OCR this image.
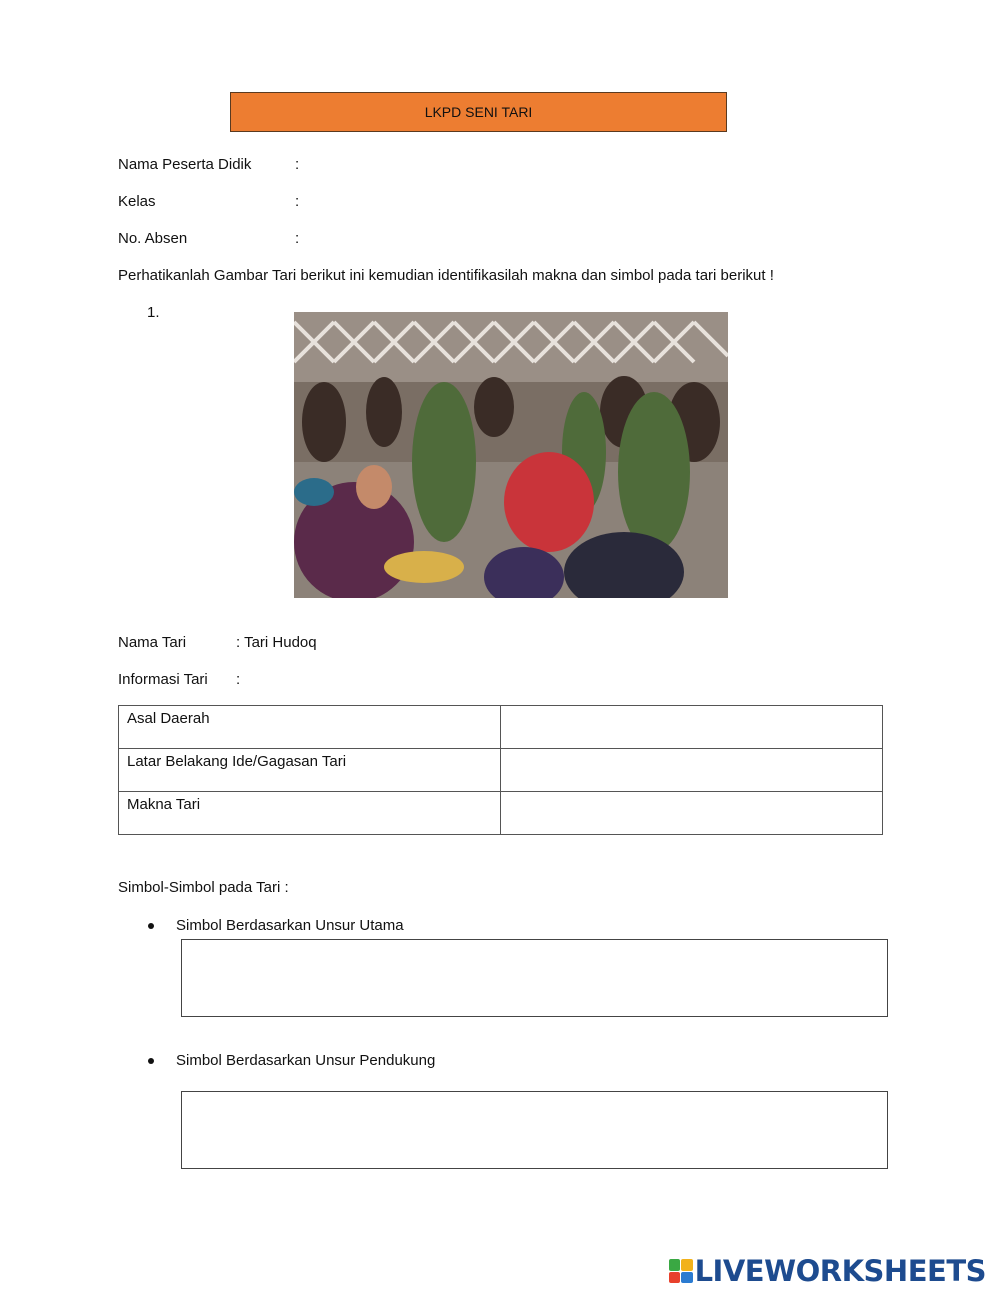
LKPD SENI TARI
Nama Peserta Didik	:
Kelas	:
No. Absen	:
Perhatikanlah Gambar Tari berikut ini kemudian identifikasilah makna dan simbol pada tari berikut !
1.
Nama Tari	: Tari Hudoq
Informasi Tari :
Asal Daerah	
Latar Belakang Ide/Gagasan Tari	
Makna Tari	
Simbol-Simbol pada Tari :
Simbol Berdasarkan Unsur Utama
Simbol Berdasarkan Unsur Pendukung
LIVEWORKSHEETS
